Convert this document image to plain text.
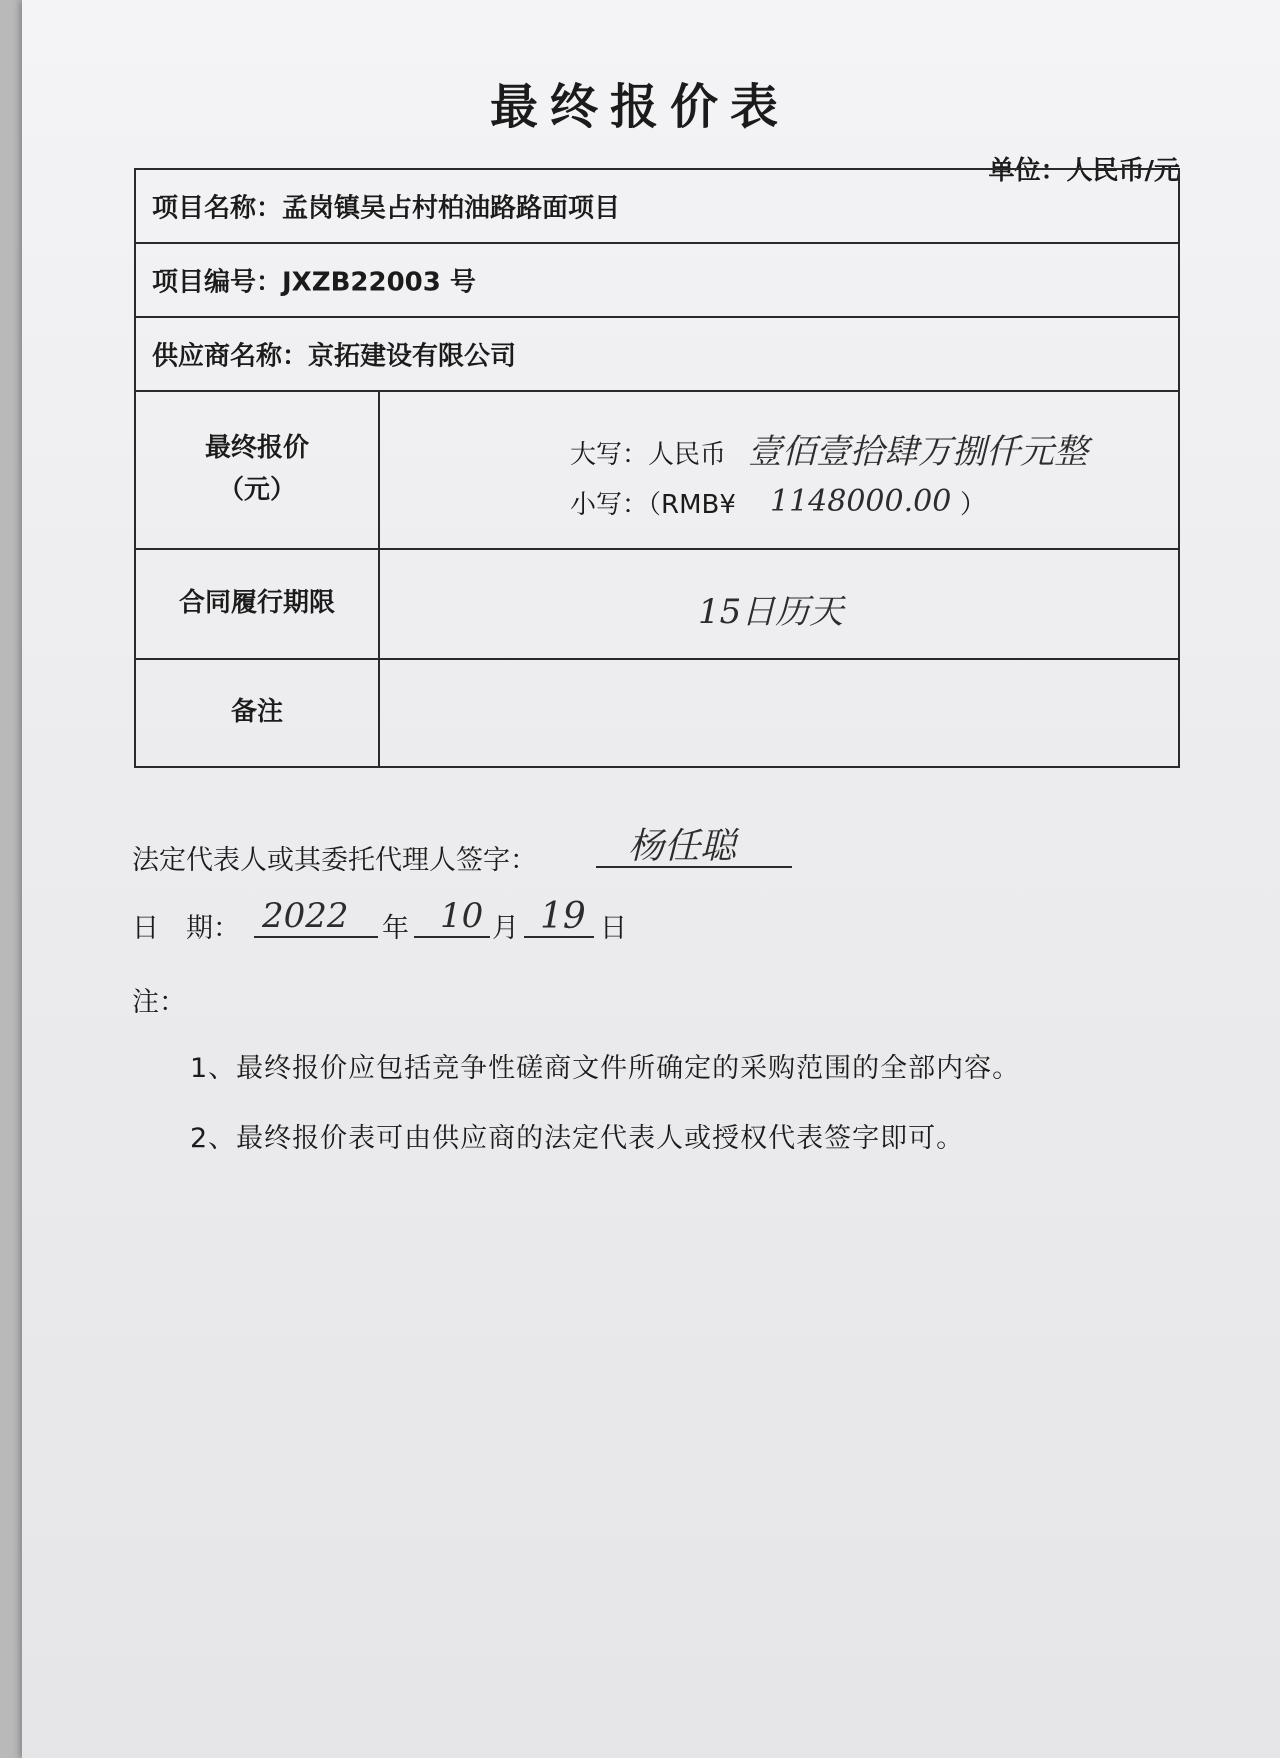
最终报价表
单位：人民币/元
项目名称：孟岗镇吴占村柏油路路面项目
项目编号：JXZB22003 号
供应商名称：京拓建设有限公司
最终报价
（元）
大写：人民币 壹佰壹拾肆万捌仟元整
小写：（RMB¥ 1148000.00 ）
合同履行期限	15日历天
备注
法定代表人或其委托代理人签字：	杨任聪
日　期： 2022 年 10 月 19 日
注：
1、最终报价应包括竞争性磋商文件所确定的采购范围的全部内容。
2、最终报价表可由供应商的法定代表人或授权代表签字即可。
